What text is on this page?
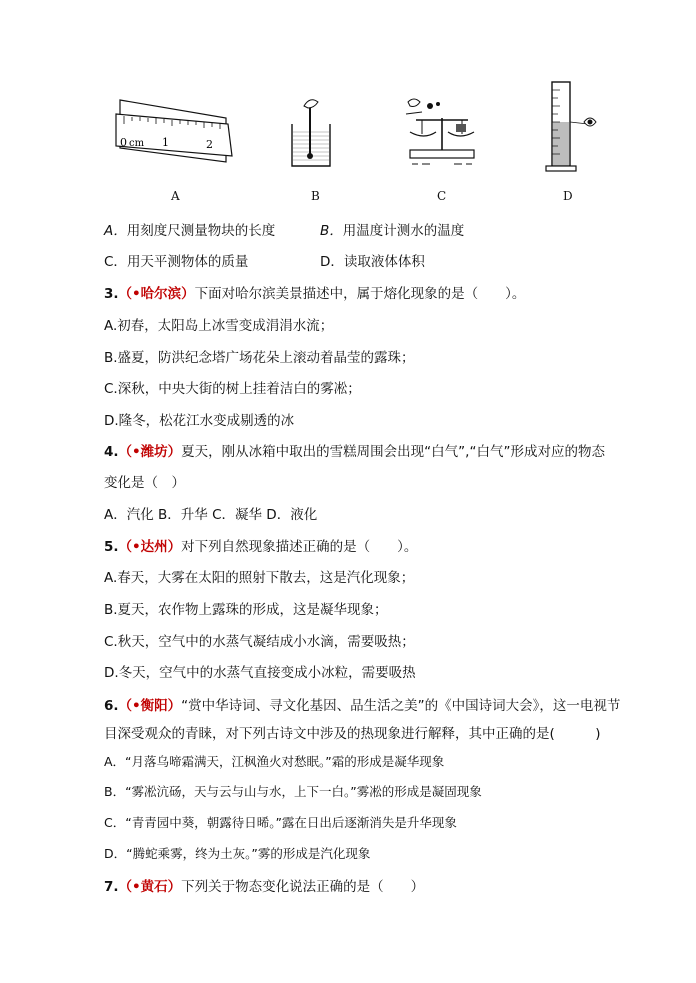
0 cm 1	2
A	B	C	D
A．用刻度尺测量物块的长度	B．用温度计测水的温度
C．用天平测物体的质量	D．读取液体体积
3.（•哈尔滨）下面对哈尔滨美景描述中，属于熔化现象的是（　　）。
A.初春，太阳岛上冰雪变成涓涓水流；
B.盛夏，防洪纪念塔广场花朵上滚动着晶莹的露珠；
C.深秋，中央大街的树上挂着洁白的雾凇；
D.隆冬，松花江水变成剔透的冰
4.（•潍坊）夏天，刚从冰箱中取出的雪糕周围会出现“白气”,“白气”形成对应的物态
变化是（　）
A．汽化 B．升华 C．凝华 D．液化
5.（•达州）对下列自然现象描述正确的是（　　）。
A.春天，大雾在太阳的照射下散去，这是汽化现象；
B.夏天，农作物上露珠的形成，这是凝华现象；
C.秋天，空气中的水蒸气凝结成小水滴，需要吸热；
D.冬天，空气中的水蒸气直接变成小冰粒，需要吸热
6.（•衡阳）“赏中华诗词、寻文化基因、品生活之美”的《中国诗词大会》，这一电视节
目深受观众的青睐，对下列古诗文中涉及的热现象进行解释，其中正确的是(　　　)
A．“月落乌啼霜满天，江枫渔火对愁眠。”霜的形成是凝华现象
B．“雾凇沆砀，天与云与山与水，上下一白。”雾凇的形成是凝固现象
C．“青青园中葵，朝露待日晞。”露在日出后逐渐消失是升华现象
D．“腾蛇乘雾，终为土灰。”雾的形成是汽化现象
7.（•黄石）下列关于物态变化说法正确的是（　　）
